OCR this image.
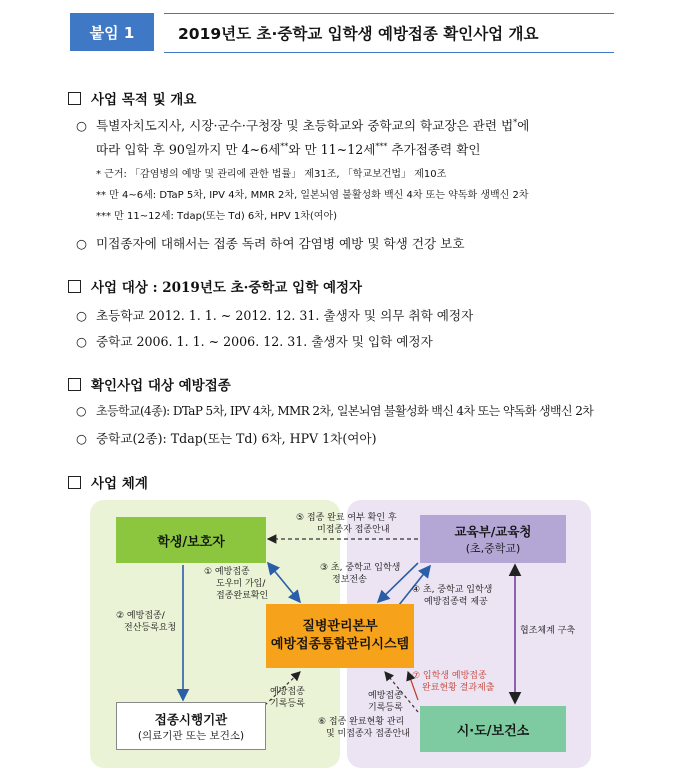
붙임 1	2019년도 초·중학교 입학생 예방접종 확인사업 개요
사업 목적 및 개요
○ 특별자치도지사, 시장·군수·구청장 및 초등학교와 중학교의 학교장은 관련 법*에
따라 입학 후 90일까지 만 4~6세**와 만 11~12세*** 추가접종력 확인
* 근거: 「감염병의 예방 및 관리에 관한 법률」 제31조, 「학교보건법」 제10조
** 만 4~6세: DTaP 5차, IPV 4차, MMR 2차, 일본뇌염 불활성화 백신 4차 또는 약독화 생백신 2차
*** 만 11~12세: Tdap(또는 Td) 6차, HPV 1차(여아)
○ 미접종자에 대해서는 접종 독려 하여 감염병 예방 및 학생 건강 보호
사업 대상 : 2019년도 초·중학교 입학 예정자
○ 초등학교 2012. 1. 1. ~ 2012. 12. 31. 출생자 및 의무 취학 예정자
○ 중학교 2006. 1. 1. ~ 2006. 12. 31. 출생자 및 입학 예정자
확인사업 대상 예방접종
○ 초등학교(4종): DTaP 5차, IPV 4차, MMR 2차, 일본뇌염 불활성화 백신 4차 또는 약독화 생백신 2차
○ 중학교(2종): Tdap(또는 Td) 6차, HPV 1차(여아)
사업 체계
학생/보호자
교육부/교육청
(초,중학교)
질병관리본부
예방접종통합관리시스템
접종시행기관
(의료기관 또는 보건소)	시·도/보건소
⑤ 접종 완료 여부 확인 후
미접종자 접종안내
① 예방접종
도우미 가입/
접종완료확인
② 예방접종/
전산등록요청
③ 초, 중학교 입학생
정보전송
④ 초, 중학교 입학생
예방접종력 제공
협조체계 구축
⑦ 입학생 예방접종
완료현황 결과제출
예방접종
기록등록
예방접종
기록등록
⑥ 접종 완료현황 관리
및 미접종자 접종안내
